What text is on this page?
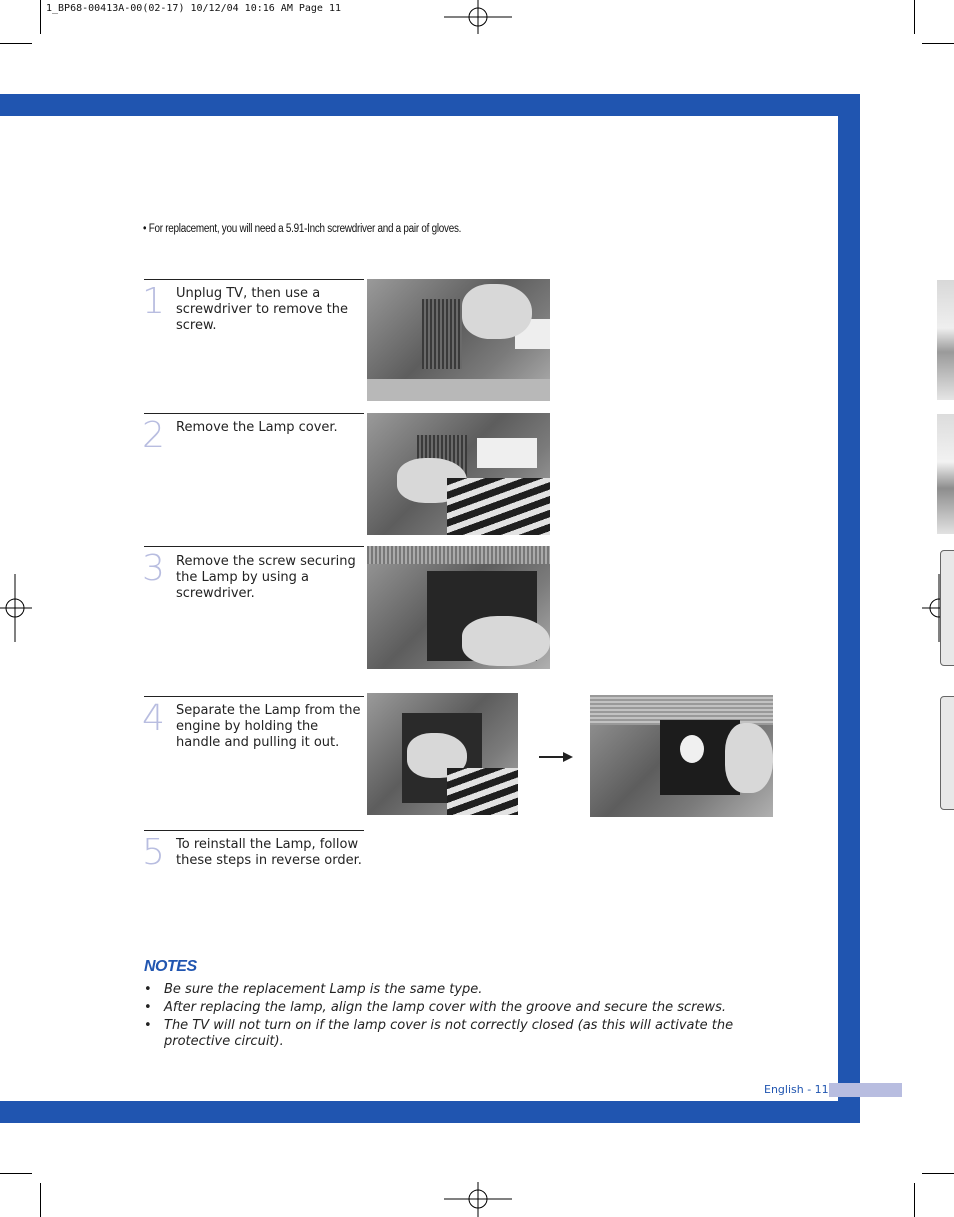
1_BP68-00413A-00(02-17) 10/12/04 10:16 AM Page 11
• For replacement, you will need a 5.91-Inch screwdriver and a pair of gloves.
1 Unplug TV, then use a screwdriver to remove the screw.
2 Remove the Lamp cover.
3 Remove the screw securing the Lamp by using a screwdriver.
4 Separate the Lamp from the engine by holding the handle and pulling it out.
5 To reinstall the Lamp, follow these steps in reverse order.
NOTES
• Be sure the replacement Lamp is the same type.
• After replacing the lamp, align the lamp cover with the groove and secure the screws.
• The TV will not turn on if the lamp cover is not correctly closed (as this will activate the protective circuit).
English - 11
